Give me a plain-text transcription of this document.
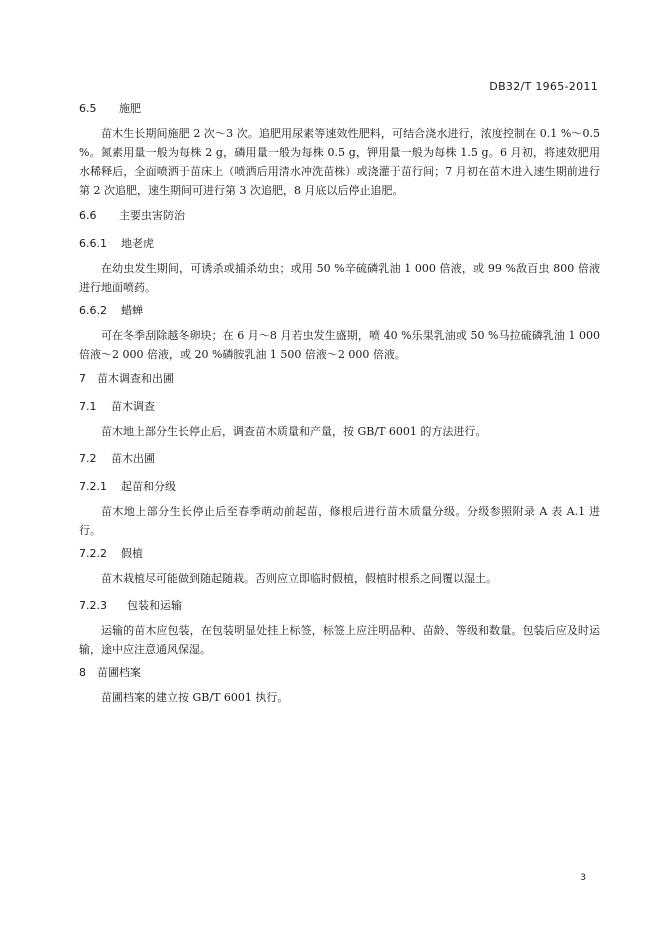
DB32/T 1965-2011
6.5 施肥

苗木生长期间施肥 2 次～3 次。追肥用尿素等速效性肥料，可结合浇水进行，浓度控制在 0.1 %～0.5 %。氮素用量一般为每株 2 g，磷用量一般为每株 0.5 g，钾用量一般为每株 1.5 g。6 月初，将速效肥用水稀释后，全面喷洒于苗床上（喷洒后用清水冲洗苗株）或浇灌于苗行间；7 月初在苗木进入速生期前进行第 2 次追肥，速生期间可进行第 3 次追肥，8 月底以后停止追肥。

6.6 主要虫害防治
6.6.1 地老虎

在幼虫发生期间，可诱杀或捕杀幼虫；或用 50 %辛硫磷乳油 1 000 倍液，或 99 %敌百虫 800 倍液进行地面喷药。

6.6.2 蜡蝉

可在冬季刮除越冬卵块；在 6 月～8 月若虫发生盛期，喷 40 %乐果乳油或 50 %马拉硫磷乳油 1 000 倍液～2 000 倍液，或 20 %磷胺乳油 1 500 倍液～2 000 倍液。

7 苗木调查和出圃
7.1 苗木调查

苗木地上部分生长停止后，调查苗木质量和产量，按 GB/T 6001 的方法进行。

7.2 苗木出圃
7.2.1 起苗和分级

苗木地上部分生长停止后至春季萌动前起苗，修根后进行苗木质量分级。分级参照附录 A 表 A.1 进行。

7.2.2 假植

苗木栽植尽可能做到随起随栽。否则应立即临时假植，假植时根系之间覆以湿土。

7.2.3 包装和运输

运输的苗木应包装，在包装明显处挂上标签，标签上应注明品种、苗龄、等级和数量。包装后应及时运输，途中应注意通风保湿。

8 苗圃档案

苗圃档案的建立按 GB/T 6001 执行。

3
